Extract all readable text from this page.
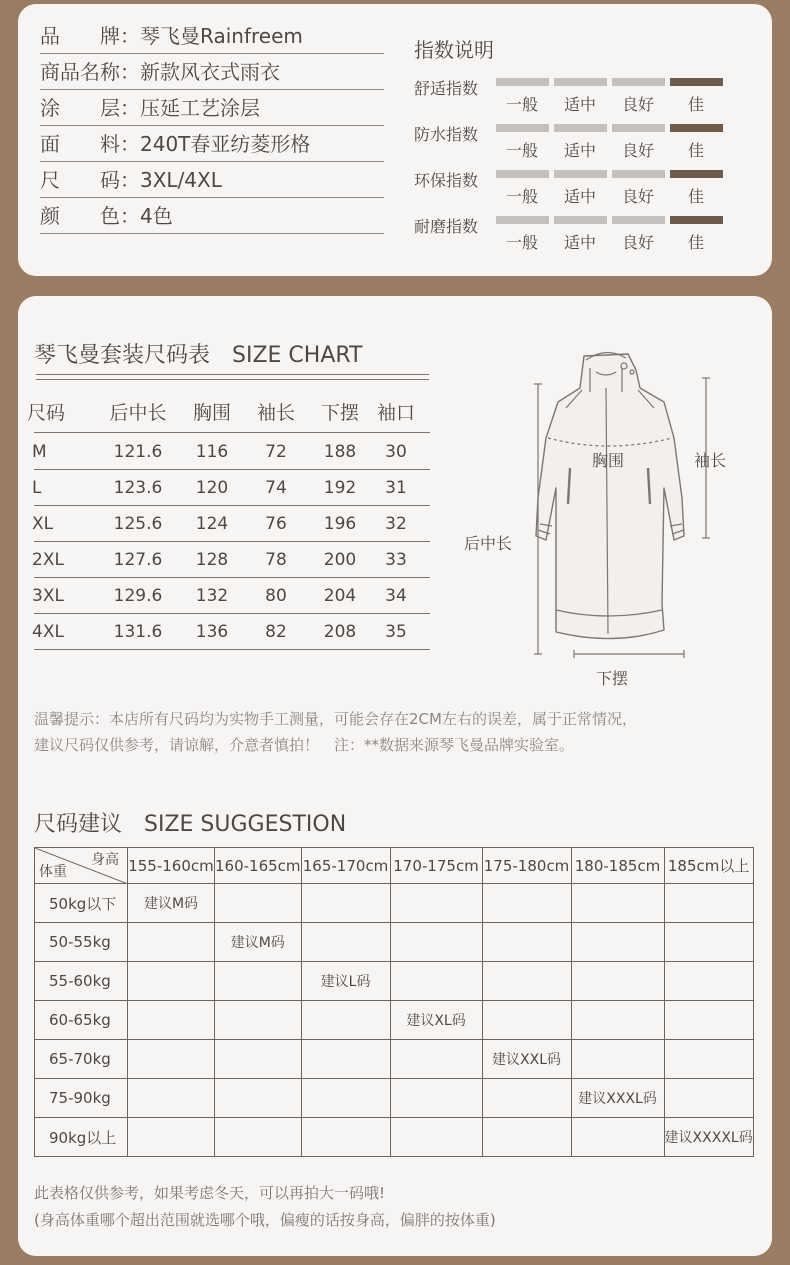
品　　牌：琴飞曼Rainfreem
商品名称：新款风衣式雨衣
涂　　层：压延工艺涂层
面　　料：240T春亚纺菱形格
尺　　码：3XL/4XL
颜　　色：4色
指数说明
舒适指数
一般	适中	良好	佳
防水指数
一般	适中	良好	佳
环保指数
一般	适中	良好	佳
耐磨指数
一般	适中	良好	佳
琴飞曼套装尺码表　SIZE CHART
尺码	后中长	胸围	袖长	下摆 袖口
M	121.6	116	72	188	30
L	123.6	120	74	192	31
XL	125.6	124	76	196	32
2XL	127.6	128	78	200	33
3XL	129.6	132	80	204	34
4XL	131.6	136	82	208	35
胸围	袖长
后中长
下摆
温馨提示：本店所有尺码均为实物手工测量，可能会存在2CM左右的误差，属于正常情况，
建议尺码仅供参考，请谅解，介意者慎拍！　注：**数据来源琴飞曼品牌实验室。
尺码建议　SIZE SUGGESTION
身高
体重	155-160cm	160-165cm	165-170cm	170-175cm	175-180cm	180-185cm	185cm以上
50kg以下	建议M码						
50-55kg		建议M码					
55-60kg			建议L码				
60-65kg				建议XL码			
65-70kg					建议XXL码		
75-90kg						建议XXXL码	
90kg以上							建议XXXXL码
此表格仅供参考，如果考虑冬天，可以再拍大一码哦!
(身高体重哪个超出范围就选哪个哦，偏瘦的话按身高，偏胖的按体重)
